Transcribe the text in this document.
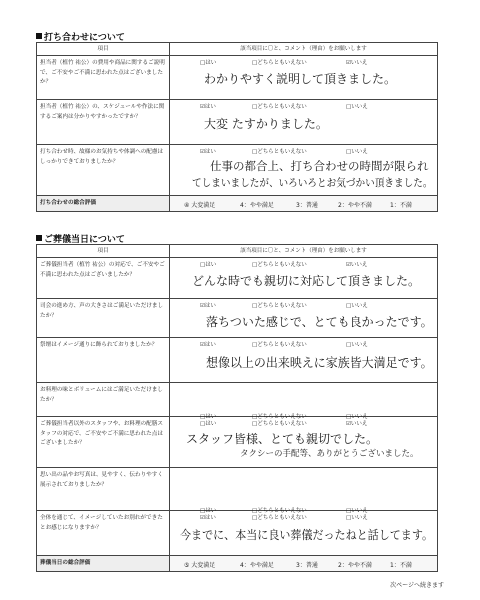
打ち合わせについて
項目	該当項目に〇と、コメント（理由）をお願いします
担当者（植竹 祐公）の費用や商品に関するご説明で、ご不安やご不満に思われた点はございましたか？
□はい	□どちらともいえない	☑いいえ
わかりやすく説明して頂きました。
担当者（植竹 祐公）の、スケジュールや作法に関するご案内は分かりやすかったですか？
☑はい	□どちらともいえない	□いいえ
大変 たすかりました。
打ち合わせ時、故様のお気持ちや体調への配慮はしっかりできておりましたか？
☑はい	□どちらともいえない	□いいえ
仕事の都合上、打ち合わせの時間が限られ
てしまいましたが、いろいろとお気づかい頂きました。
打ち合わせの総合評価	④ 大変満足	4：やや満足	3：普通	2：やや不満	1：不満
ご葬儀当日について
項目	該当項目に〇と、コメント（理由）をお願いします
ご葬儀担当者（植竹 祐公）の対応で、ご不安やご不満に思われた点はございましたか？
□はい	□どちらともいえない	☑いいえ
どんな時でも親切に対応して頂きました。
司会の進め方、声の大きさはご満足いただけましたか？
☑はい	□どちらともいえない	□いいえ
落ちついた感じで、とても良かったです。
祭壇はイメージ通りに飾られておりましたか？	☑はい	□どちらともいえない	□いいえ
想像以上の出来映えに家族皆大満足です。
お料理の味とボリュームにはご満足いただけましたか？
□はい	□どちらともいえない	□いいえ
ご葬儀担当者以外のスタッフや、お料理の配膳スタッフの対応で、ご不安やご不満に思われた点はございましたか？
□はい	□どちらともいえない	☑いいえ
スタッフ皆様、とても親切でした。
タクシーの手配等、ありがとうございました。
思い出の品やお写真は、見やすく、伝わりやすく展示されておりましたか？
□はい	□どちらともいえない	□いいえ
全体を通じて、イメージしていたお別れができたとお感じになりますか？
☑はい	□どちらともいえない	□いいえ
今までに、本当に良い葬儀だったねと話してます。
葬儀当日の総合評価	⑤ 大変満足	4：やや満足	3：普通	2：やや不満	1：不満
次ページへ続きます
